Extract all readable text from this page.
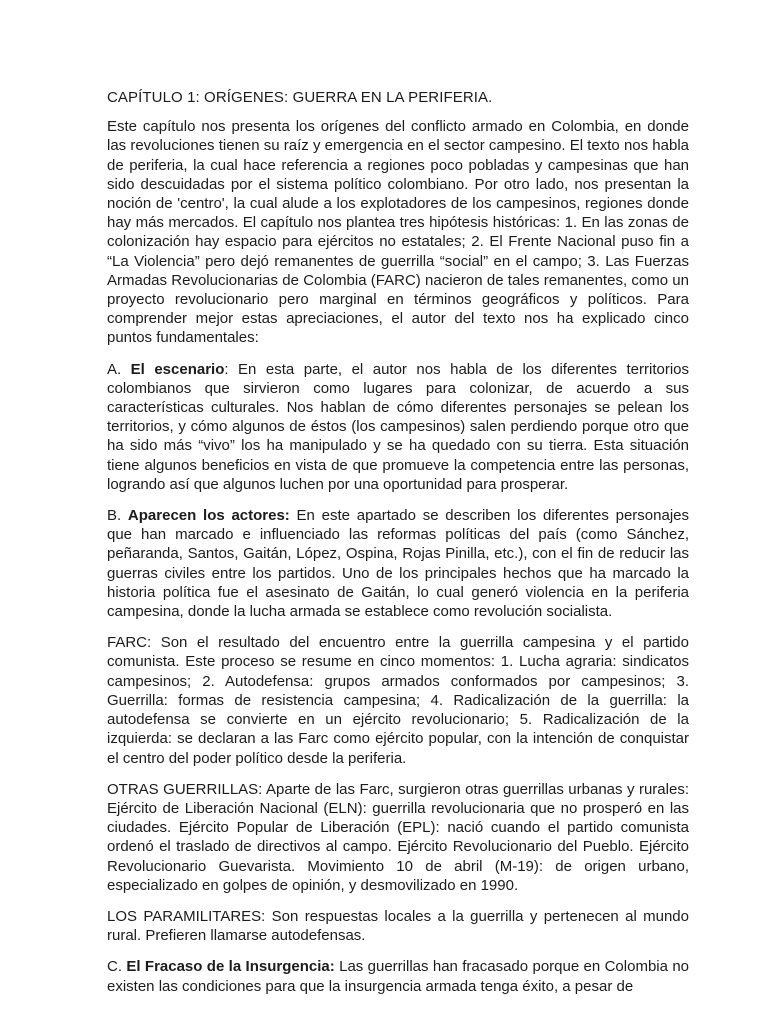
CAPÍTULO 1: ORÍGENES: GUERRA EN LA PERIFERIA.

Este capítulo nos presenta los orígenes del conflicto armado en Colombia, en donde las revoluciones tienen su raíz y emergencia en el sector campesino. El texto nos habla de periferia, la cual hace referencia a regiones poco pobladas y campesinas que han sido descuidadas por el sistema político colombiano. Por otro lado, nos presentan la noción de 'centro', la cual alude a los explotadores de los campesinos, regiones donde hay más mercados. El capítulo nos plantea tres hipótesis históricas: 1. En las zonas de colonización hay espacio para ejércitos no estatales; 2. El Frente Nacional puso fin a “La Violencia” pero dejó remanentes de guerrilla “social” en el campo; 3. Las Fuerzas Armadas Revolucionarias de Colombia (FARC) nacieron de tales remanentes, como un proyecto revolucionario pero marginal en términos geográficos y políticos. Para comprender mejor estas apreciaciones, el autor del texto nos ha explicado cinco puntos fundamentales:

A. El escenario: En esta parte, el autor nos habla de los diferentes territorios colombianos que sirvieron como lugares para colonizar, de acuerdo a sus características culturales. Nos hablan de cómo diferentes personajes se pelean los territorios, y cómo algunos de éstos (los campesinos) salen perdiendo porque otro que ha sido más “vivo” los ha manipulado y se ha quedado con su tierra. Esta situación tiene algunos beneficios en vista de que promueve la competencia entre las personas, logrando así que algunos luchen por una oportunidad para prosperar.

B. Aparecen los actores: En este apartado se describen los diferentes personajes que han marcado e influenciado las reformas políticas del país (como Sánchez, peñaranda, Santos, Gaitán, López, Ospina, Rojas Pinilla, etc.), con el fin de reducir las guerras civiles entre los partidos. Uno de los principales hechos que ha marcado la historia política fue el asesinato de Gaitán, lo cual generó violencia en la periferia campesina, donde la lucha armada se establece como revolución socialista.

FARC: Son el resultado del encuentro entre la guerrilla campesina y el partido comunista. Este proceso se resume en cinco momentos: 1. Lucha agraria: sindicatos campesinos; 2. Autodefensa: grupos armados conformados por campesinos; 3. Guerrilla: formas de resistencia campesina; 4. Radicalización de la guerrilla: la autodefensa se convierte en un ejército revolucionario; 5. Radicalización de la izquierda: se declaran a las Farc como ejército popular, con la intención de conquistar el centro del poder político desde la periferia.

OTRAS GUERRILLAS: Aparte de las Farc, surgieron otras guerrillas urbanas y rurales: Ejército de Liberación Nacional (ELN): guerrilla revolucionaria que no prosperó en las ciudades. Ejército Popular de Liberación (EPL): nació cuando el partido comunista ordenó el traslado de directivos al campo. Ejército Revolucionario del Pueblo. Ejército Revolucionario Guevarista. Movimiento 10 de abril (M-19): de origen urbano, especializado en golpes de opinión, y desmovilizado en 1990.

LOS PARAMILITARES: Son respuestas locales a la guerrilla y pertenecen al mundo rural. Prefieren llamarse autodefensas.

C. El Fracaso de la Insurgencia: Las guerrillas han fracasado porque en Colombia no existen las condiciones para que la insurgencia armada tenga éxito, a pesar de
